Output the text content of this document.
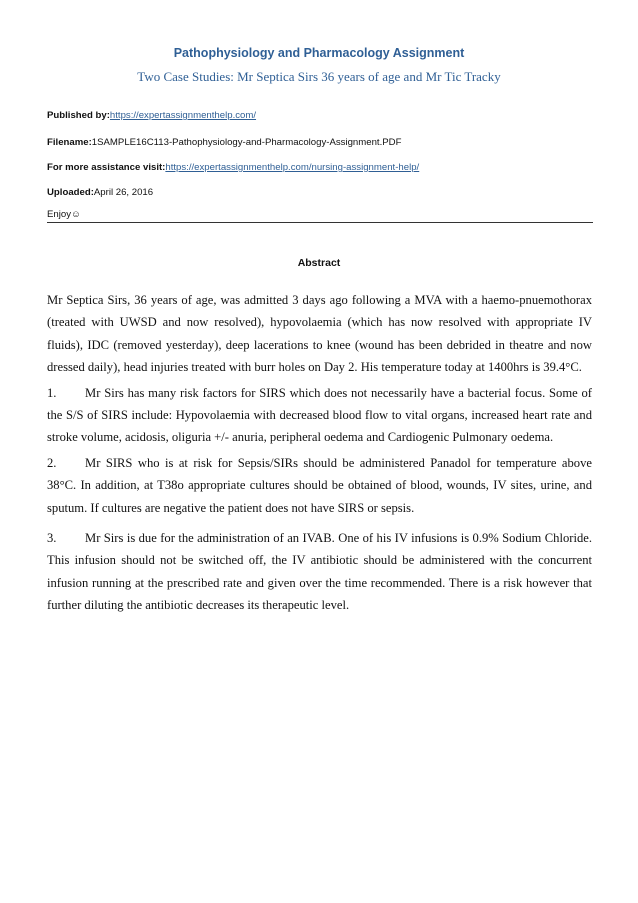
Pathophysiology and Pharmacology Assignment
Two Case Studies: Mr Septica Sirs 36 years of age and Mr Tic Tracky
Published by:https://expertassignmenthelp.com/
Filename:1SAMPLE16C113-Pathophysiology-and-Pharmacology-Assignment.PDF
For more assistance visit:https://expertassignmenthelp.com/nursing-assignment-help/
Uploaded:April 26, 2016
Enjoy☺
Abstract

Mr Septica Sirs, 36 years of age, was admitted 3 days ago following a MVA with a haemo-pnuemothorax (treated with UWSD and now resolved), hypovolaemia (which has now resolved with appropriate IV fluids), IDC (removed yesterday), deep lacerations to knee (wound has been debrided in theatre and now dressed daily), head injuries treated with burr holes on Day 2. His temperature today at 1400hrs is 39.4°C.

1. Mr Sirs has many risk factors for SIRS which does not necessarily have a bacterial focus. Some of the S/S of SIRS include: Hypovolaemia with decreased blood flow to vital organs, increased heart rate and stroke volume, acidosis, oliguria +/- anuria, peripheral oedema and Cardiogenic Pulmonary oedema.

2. Mr SIRS who is at risk for Sepsis/SIRs should be administered Panadol for temperature above 38°C. In addition, at T38o appropriate cultures should be obtained of blood, wounds, IV sites, urine, and sputum. If cultures are negative the patient does not have SIRS or sepsis.

3. Mr Sirs is due for the administration of an IVAB. One of his IV infusions is 0.9% Sodium Chloride. This infusion should not be switched off, the IV antibiotic should be administered with the concurrent infusion running at the prescribed rate and given over the time recommended. There is a risk however that further diluting the antibiotic decreases its therapeutic level.
